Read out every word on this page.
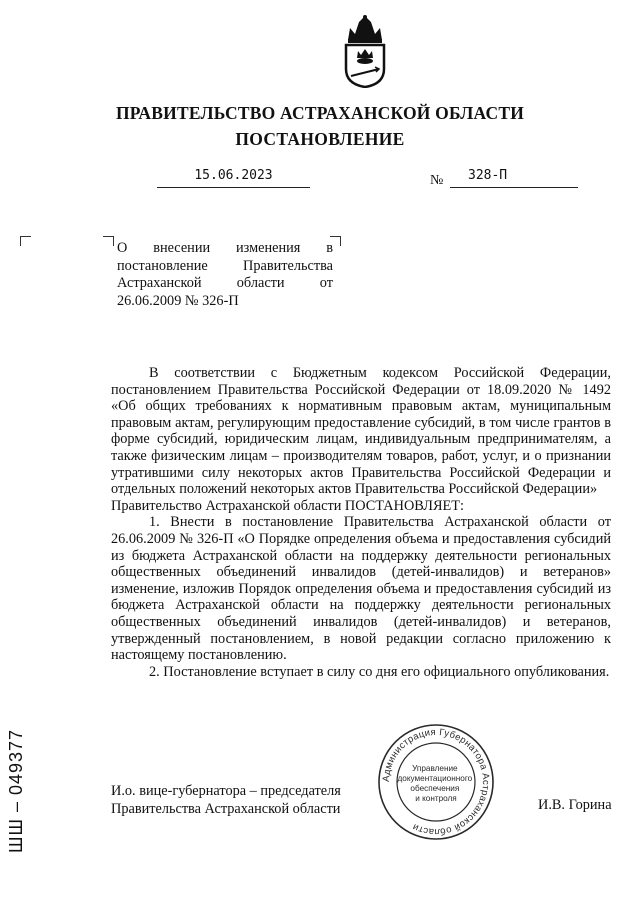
ПРАВИТЕЛЬСТВО АСТРАХАНСКОЙ ОБЛАСТИ
ПОСТАНОВЛЕНИЕ
15.06.2023	№	328-П
О внесении изменения в постановление Правительства Астраханской области от 26.06.2009 № 326-П

В соответствии с Бюджетным кодексом Российской Федерации, постановлением Правительства Российской Федерации от 18.09.2020 № 1492 «Об общих требованиях к нормативным правовым актам, муниципальным правовым актам, регулирующим предоставление субсидий, в том числе грантов в форме субсидий, юридическим лицам, индивидуальным предпринимателям, а также физическим лицам – производителям товаров, работ, услуг, и о признании утратившими силу некоторых актов Правительства Российской Федерации и отдельных положений некоторых актов Правительства Российской Федерации»

Правительство Астраханской области ПОСТАНОВЛЯЕТ:

1. Внести в постановление Правительства Астраханской области от 26.06.2009 № 326-П «О Порядке определения объема и предоставления субсидий из бюджета Астраханской области на поддержку деятельности региональных общественных объединений инвалидов (детей-инвалидов) и ветеранов» изменение, изложив Порядок определения объема и предоставления субсидий из бюджета Астраханской области на поддержку деятельности региональных общественных объединений инвалидов (детей-инвалидов) и ветеранов, утвержденный постановлением, в новой редакции согласно приложению к настоящему постановлению.

2. Постановление вступает в силу со дня его официального опубликования.

И.о. вице-губернатора – председателя
Правительства Астраханской области
Администрация Губернатора Астраханской области
Управление документационного обеспечения и контроля	И.В. Горина
ШШ – 049377
